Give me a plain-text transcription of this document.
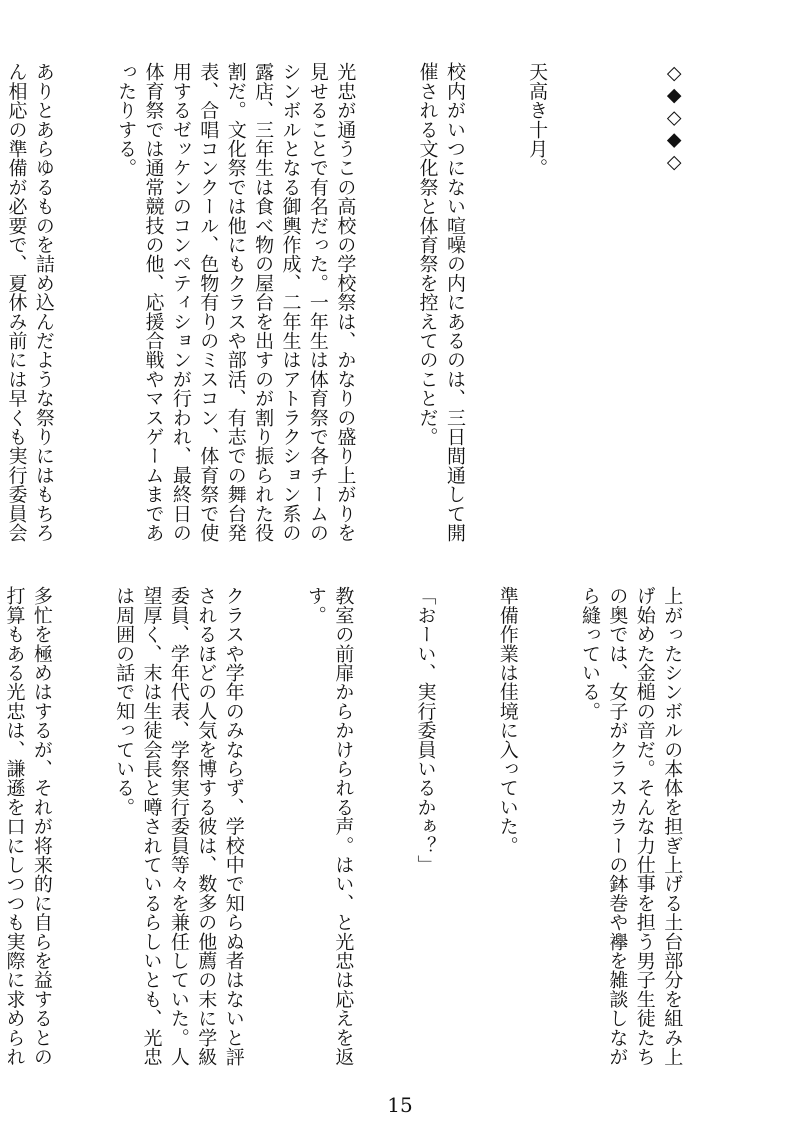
◇◆◇◆◇

天高き十月。

校内がいつにない喧噪の内にあるのは、三日間通して開催される文化祭と体育祭を控えてのことだ。

光忠が通うこの高校の学校祭は、かなりの盛り上がりを見せることで有名だった。一年生は体育祭で各チームのシンボルとなる御輿作成、二年生はアトラクション系の露店、三年生は食べ物の屋台を出すのが割り振られた役割だ。文化祭では他にもクラスや部活、有志での舞台発表、合唱コンクール、色物有りのミスコン、体育祭で使用するゼッケンのコンペティションが行われ、最終日の体育祭では通常競技の他、応援合戦やマスゲームまであったりする。

ありとあらゆるものを詰め込んだような祭りにはもちろん相応の準備が必要で、夏休み前には早くも実行委員会

上がったシンボルの本体を担ぎ上げる土台部分を組み上げ始めた金槌の音だ。そんな力仕事を担う男子生徒たちの奥では、女子がクラスカラーの鉢巻や襷を雑談しながら縫っている。

準備作業は佳境に入っていた。

「おーい、実行委員いるかぁ？」

教室の前扉からかけられる声。はい、と光忠は応えを返す。

クラスや学年のみならず、学校中で知らぬ者はないと評されるほどの人気を博する彼は、数多の他薦の末に学級委員、学年代表、学祭実行委員等々を兼任していた。人望厚く、末は生徒会長と噂されているらしいとも、光忠は周囲の話で知っている。

多忙を極めはするが、それが将来的に自らを益するとの打算もある光忠は、謙遜を口にしつつも実際に求められ

15
